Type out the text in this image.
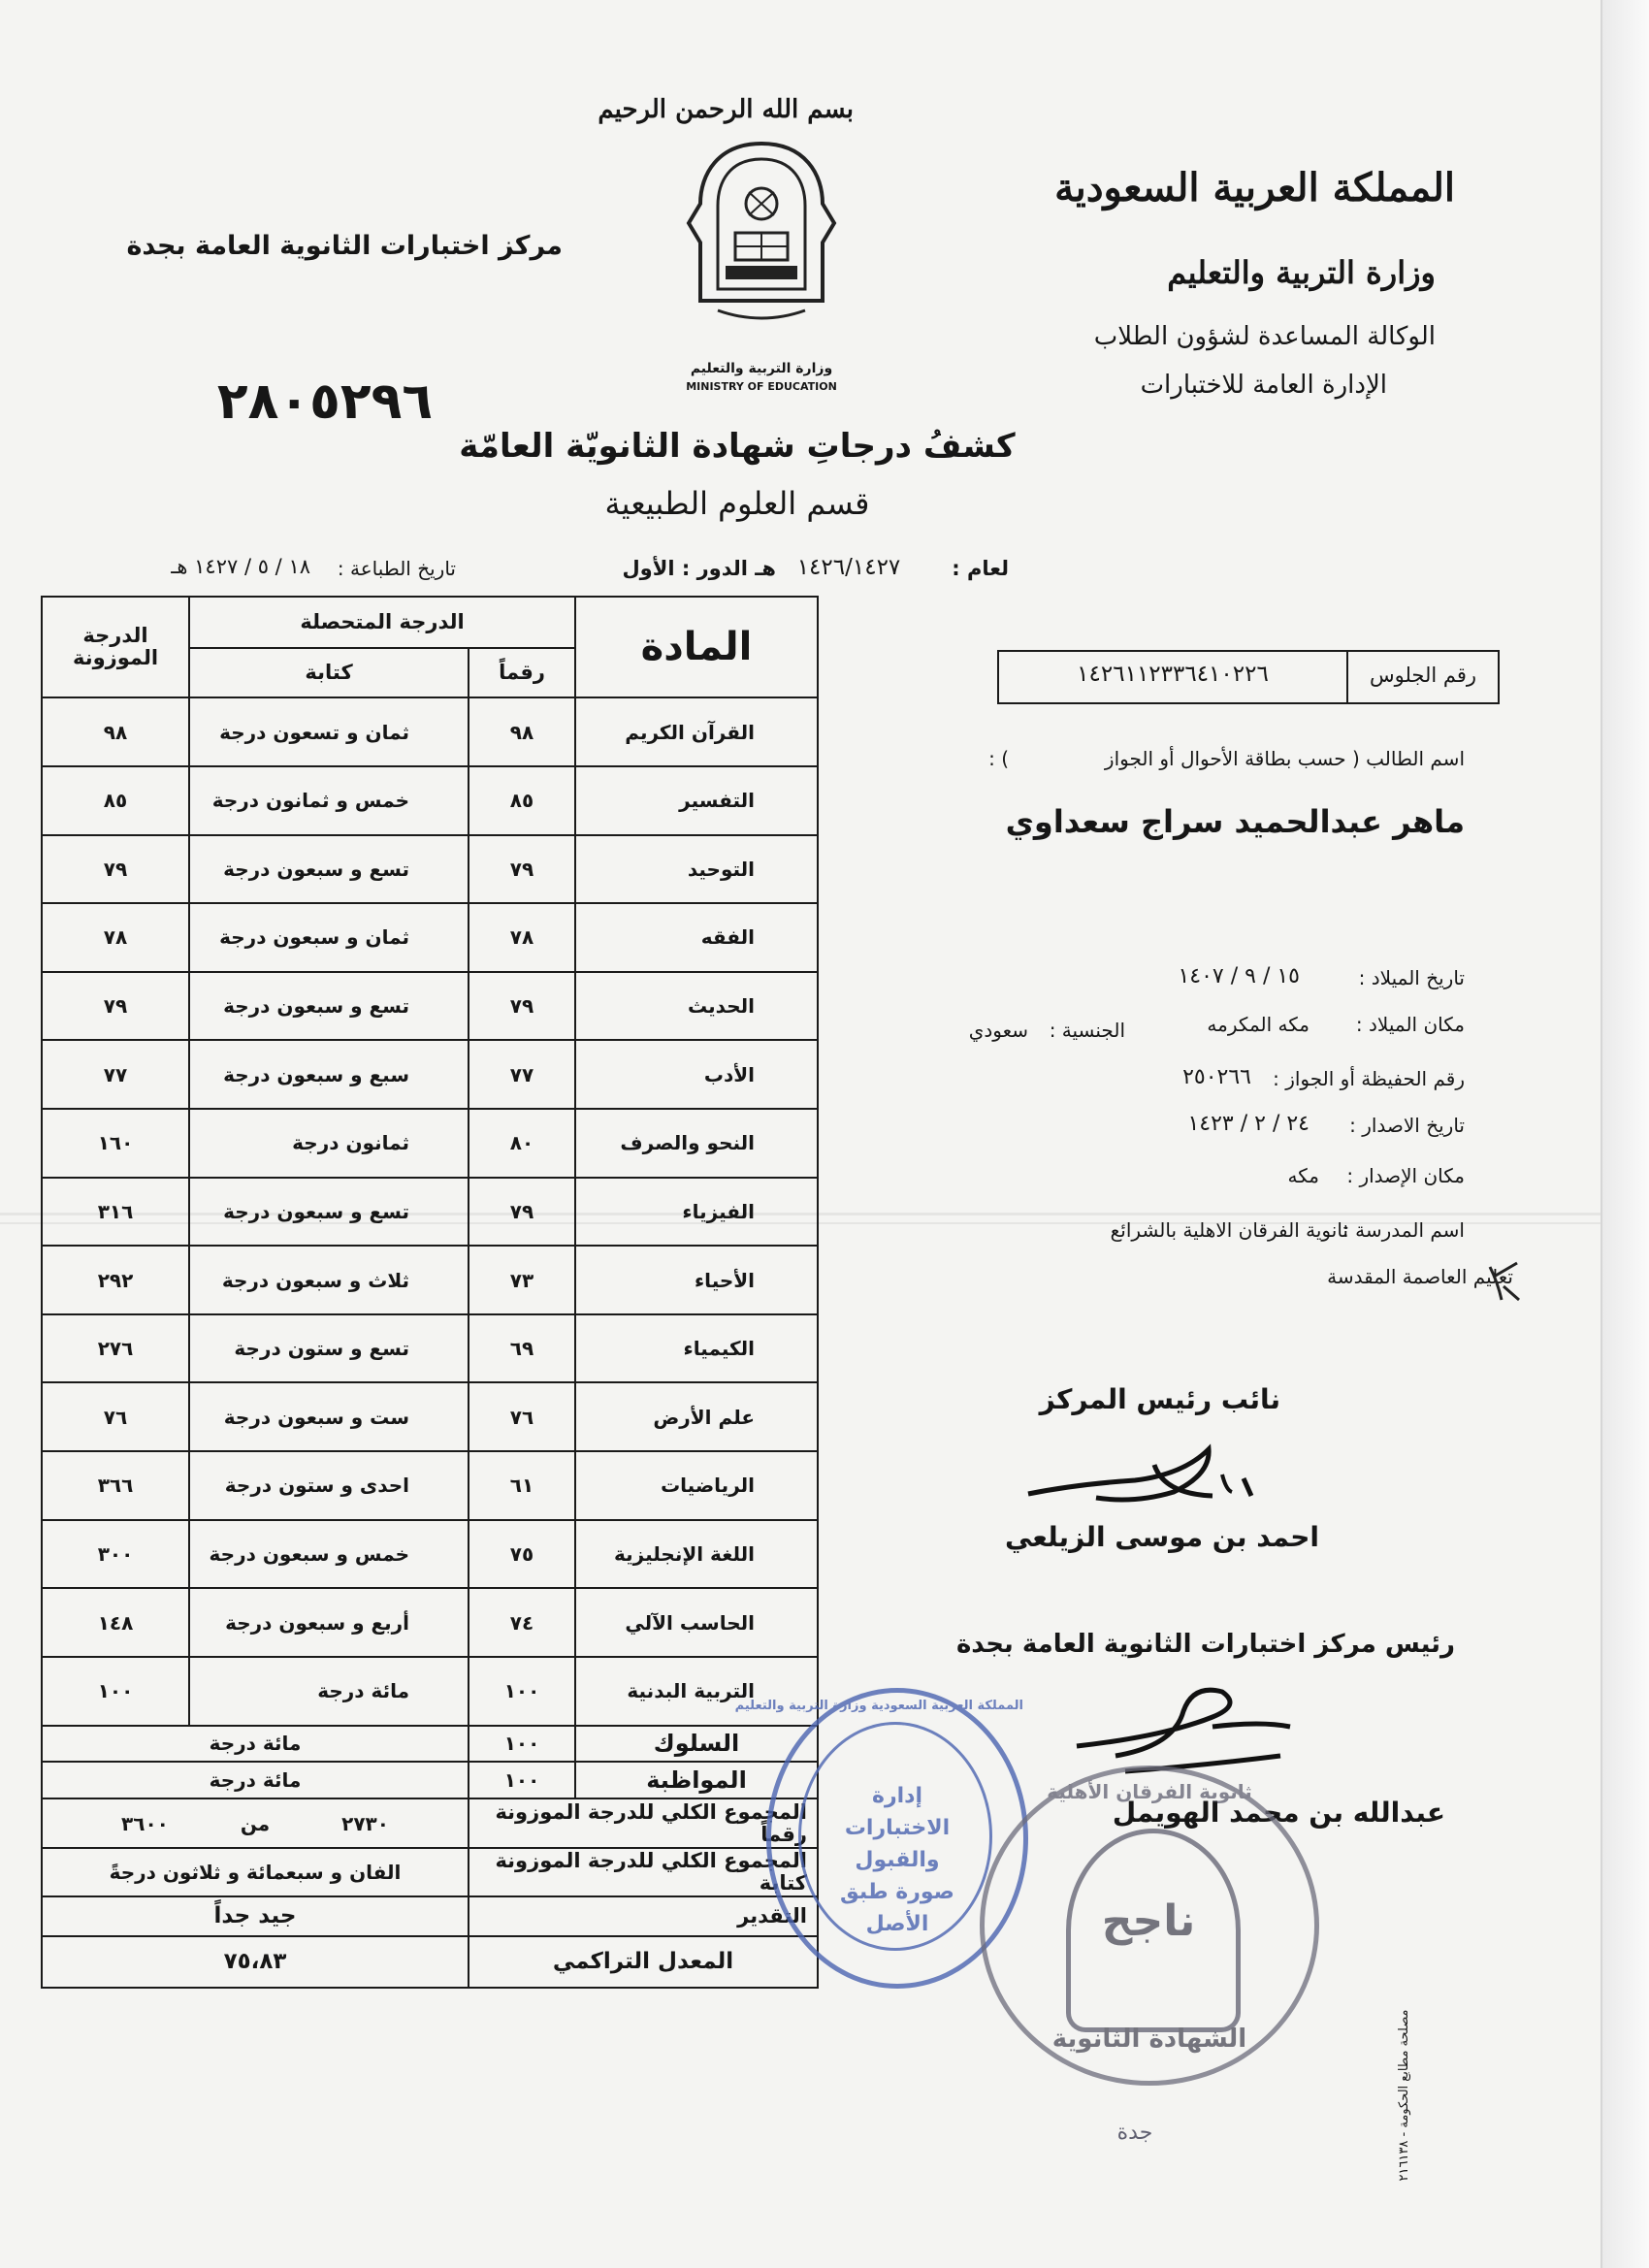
بسم الله الرحمن الرحيم
وزارة التربية والتعليم
MINISTRY OF EDUCATION
المملكة العربية السعودية
وزارة التربية والتعليم
الوكالة المساعدة لشؤون الطلاب
الإدارة العامة للاختبارات
مركز اختبارات الثانوية العامة بجدة
٢٨٠٥٢٩٦
كشفُ درجاتِ شهادة الثانويّة العامّة
قسم العلوم الطبيعية
لعام :
١٤٢٦/١٤٢٧
هـ الدور : الأول
تاريخ الطباعة :
١٨ / ٥ / ١٤٢٧ هـ
المادة	الدرجة المتحصلة		الدرجة
الموزونة

	رقماً	كتابة	
القرآن الكريم	٩٨	ثمان و تسعون درجة	٩٨
التفسير	٨٥	خمس و ثمانون درجة	٨٥
التوحيد	٧٩	تسع و سبعون درجة	٧٩
الفقه	٧٨	ثمان و سبعون درجة	٧٨
الحديث	٧٩	تسع و سبعون درجة	٧٩
الأدب	٧٧	سبع و سبعون درجة	٧٧
النحو والصرف	٨٠	ثمانون درجة	١٦٠
الفيزياء	٧٩	تسع و سبعون درجة	٣١٦
الأحياء	٧٣	ثلاث و سبعون درجة	٢٩٢
الكيمياء	٦٩	تسع و ستون درجة	٢٧٦
علم الأرض	٧٦	ست و سبعون درجة	٧٦
الرياضيات	٦١	احدى و ستون درجة	٣٦٦
اللغة الإنجليزية	٧٥	خمس و سبعون درجة	٣٠٠
الحاسب الآلي	٧٤	أربع و سبعون درجة	١٤٨
التربية البدنية	١٠٠	مائة درجة	١٠٠
السلوك	١٠٠	مائة درجة	
المواظبة	١٠٠	مائة درجة	
المجموع الكلي للدرجة الموزونة رقماً		٢٧٣٠  من  ٣٦٠٠	
المجموع الكلي للدرجة الموزونة كتابة		الفان و سبعمائة و ثلاثون درجةً	
التقدير		جيد جداً	
المعدل التراكمي		٧٥،٨٣	
رقم الجلوس
١٤٢٦١١٢٣٣٦٤١٠٢٢٦
اسم الطالب ( حسب بطاقة الأحوال أو الجواز
) :
ماهر عبدالحميد سراج سعداوي
تاريخ الميلاد :
١٥ / ٩ / ١٤٠٧
مكان الميلاد :
مكه المكرمه
الجنسية :
سعودي
رقم الحفيظة أو الجواز :
٢٥٠٢٦٦
تاريخ الاصدار :
٢٤ / ٢ / ١٤٢٣
مكان الإصدار :
مكه
اسم المدرسة :
ثانوية الفرقان الاهلية بالشرائع
تعليم العاصمة المقدسة
نائب رئيس المركز
احمد بن موسى الزيلعي
رئيس مركز اختبارات الثانوية العامة بجدة
عبدالله بن محمد الهويمل
المملكة العربية السعودية وزارة التربية والتعليم
إدارة الاختبارات والقبول صورة طبق الأصل
ثانوية الفرقان الأهلية
ناجح
الشهادة الثانوية
جدة
مصلحة مطابع الحكومة - ٢١٦١٣٨
